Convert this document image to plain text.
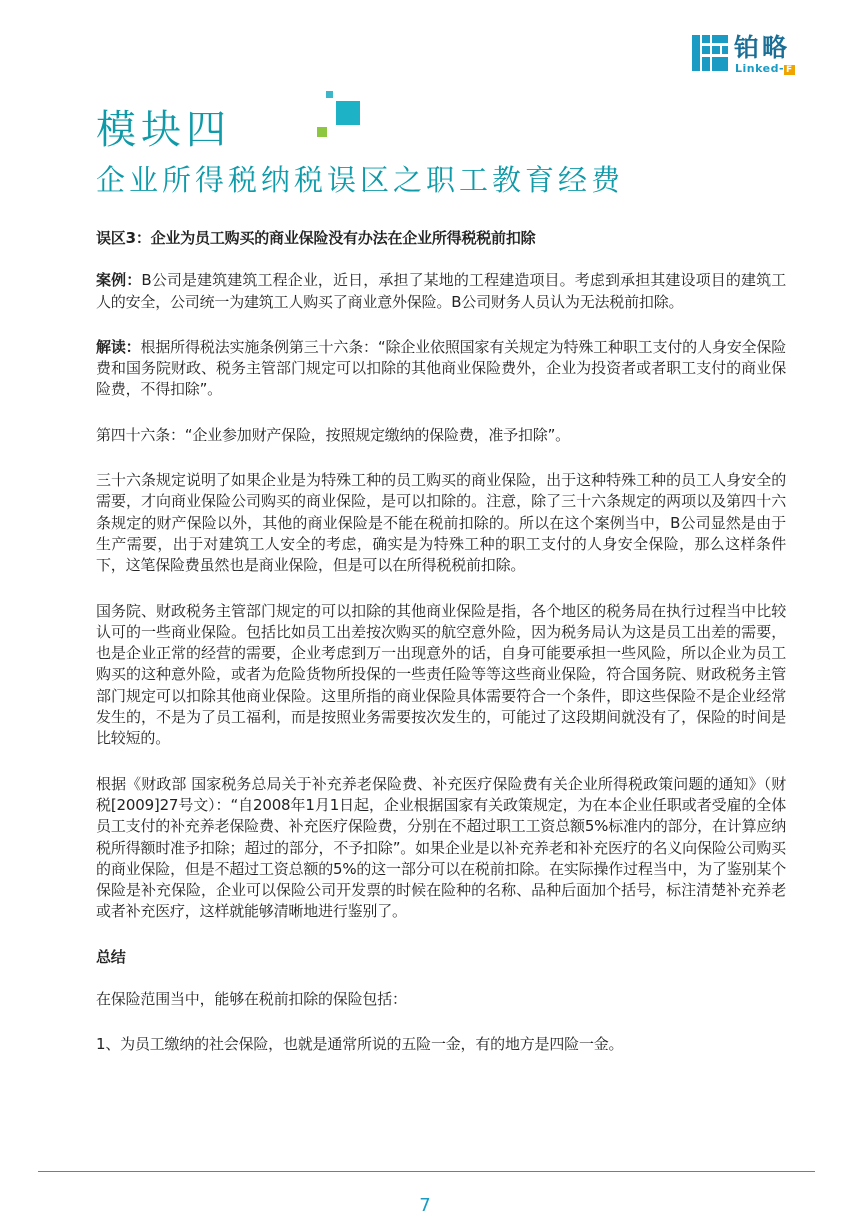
铂略
Linked- F
模块四
企业所得税纳税误区之职工教育经费

误区3：企业为员工购买的商业保险没有办法在企业所得税税前扣除

案例：B公司是建筑建筑工程企业，近日，承担了某地的工程建造项目。考虑到承担其建设项目的建筑工人的安全，公司统一为建筑工人购买了商业意外保险。B公司财务人员认为无法税前扣除。

解读：根据所得税法实施条例第三十六条：“除企业依照国家有关规定为特殊工种职工支付的人身安全保险费和国务院财政、税务主管部门规定可以扣除的其他商业保险费外，企业为投资者或者职工支付的商业保险费，不得扣除”。

第四十六条：“企业参加财产保险，按照规定缴纳的保险费，准予扣除”。

三十六条规定说明了如果企业是为特殊工种的员工购买的商业保险，出于这种特殊工种的员工人身安全的需要，才向商业保险公司购买的商业保险，是可以扣除的。注意，除了三十六条规定的两项以及第四十六条规定的财产保险以外，其他的商业保险是不能在税前扣除的。所以在这个案例当中，B公司显然是由于生产需要，出于对建筑工人安全的考虑，确实是为特殊工种的职工支付的人身安全保险，那么这样条件下，这笔保险费虽然也是商业保险，但是可以在所得税税前扣除。

国务院、财政税务主管部门规定的可以扣除的其他商业保险是指，各个地区的税务局在执行过程当中比较认可的一些商业保险。包括比如员工出差按次购买的航空意外险，因为税务局认为这是员工出差的需要，也是企业正常的经营的需要，企业考虑到万一出现意外的话，自身可能要承担一些风险，所以企业为员工购买的这种意外险，或者为危险货物所投保的一些责任险等等这些商业保险，符合国务院、财政税务主管部门规定可以扣除其他商业保险。这里所指的商业保险具体需要符合一个条件，即这些保险不是企业经常发生的，不是为了员工福利，而是按照业务需要按次发生的，可能过了这段期间就没有了，保险的时间是比较短的。

根据《财政部 国家税务总局关于补充养老保险费、补充医疗保险费有关企业所得税政策问题的通知》（财税[2009]27号文）：“自2008年1月1日起，企业根据国家有关政策规定，为在本企业任职或者受雇的全体员工支付的补充养老保险费、补充医疗保险费，分别在不超过职工工资总额5%标准内的部分，在计算应纳税所得额时准予扣除；超过的部分，不予扣除”。如果企业是以补充养老和补充医疗的名义向保险公司购买的商业保险，但是不超过工资总额的5%的这一部分可以在税前扣除。在实际操作过程当中，为了鉴别某个保险是补充保险，企业可以保险公司开发票的时候在险种的名称、品种后面加个括号，标注清楚补充养老或者补充医疗，这样就能够清晰地进行鉴别了。

总结

在保险范围当中，能够在税前扣除的保险包括：

1、为员工缴纳的社会保险，也就是通常所说的五险一金，有的地方是四险一金。

7
